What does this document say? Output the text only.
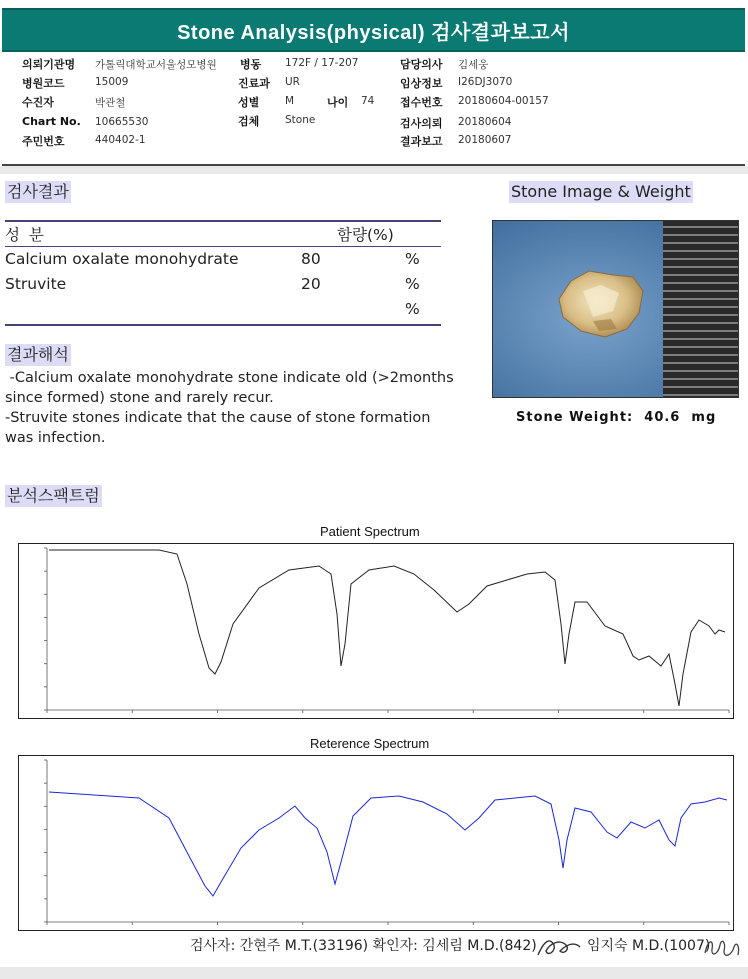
Stone Analysis(physical) 검사결과보고서
의뢰기관명 가톨릭대학교서울성모병원
병원코드	15009
수진자	박관철
Chart No. 10665530
주민번호	440402-1
병동 172F / 17-207
진료과 UR
성별 M	나이 74
검체 Stone
담당의사 김세웅
임상정보 I26DJ3070
접수번호 20180604-00157
검사의뢰 20180604
결과보고 20180607
검사결과
성 분	함량(%)
Calcium oxalate monohydrate	80	%
Struvite	20	%
%
결과해석
-Calcium oxalate monohydrate stone indicate old (>2months
since formed) stone and rarely recur.
-Struvite stones indicate that the cause of stone formation
was infection.
Stone Image & Weight
Stone Weight:  40.6  mg
분석스팩트럼
Patient Spectrum
Reterence Spectrum
검사자: 간현주 M.T.(33196) 확인자: 김세림 M.D.(842)	임지숙 M.D.(1007)
